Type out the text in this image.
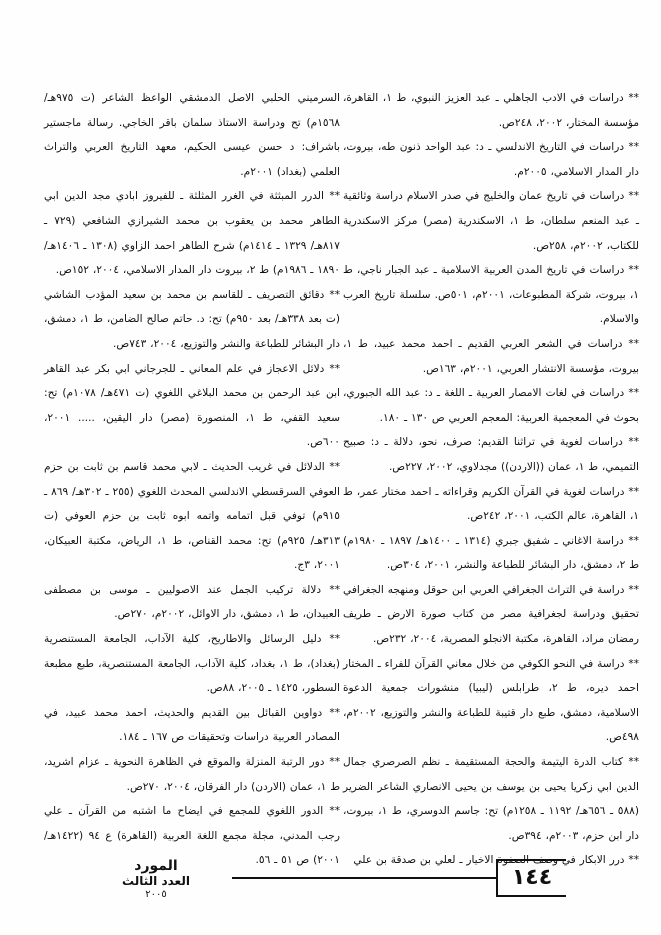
** دراسات في الادب الجاهلي ـ عبد العزيز النبوي، ط ١، القاهرة، مؤسسة المختار، ٢٠٠٢، ٢٤٨ص.

** دراسات في التاريخ الاندلسي ـ د: عبد الواحد ذنون طه، بيروت، دار المدار الاسلامي، ٢٠٠٥م.

** دراسات في تاريخ عمان والخليج في صدر الاسلام دراسة وثائقية ـ عبد المنعم سلطان، ط ١، الاسكندرية (مصر) مركز الاسكندرية للكتاب، ٢٠٠٢م، ٢٥٨ص.

** دراسات في تاريخ المدن العربية الاسلامية ـ عبد الجبار ناجي، ط ١، بيروت، شركة المطبوعات، ٢٠٠١م، ٥٠١ص. سلسلة تاريخ العرب والاسلام.

** دراسات في الشعر العربي القديم ـ احمد محمد عبيد، ط ١، بيروت، مؤسسة الانتشار العربي، ٢٠٠١م، ١٦٣ص.

** دراسات في لغات الامصار العربية ـ اللغة ـ د: عبد الله الجبوري، بحوث في المعجمية العربية: المعجم العربي ص ١٣٠ ـ ١٨٠.

** دراسات لغوية في تراثنا القديم: صرف، نحو، دلالة ـ د: صبيح التميمي، ط ١، عمان ((الاردن)) مجدلاوي، ٢٠٠٢، ٢٢٧ص.

** دراسات لغوية في القرآن الكريم وقراءاته ـ احمد مختار عمر، ط ١، القاهرة، عالم الكتب، ٢٠٠١، ٢٤٢ص.

** دراسة الاغاني ـ شفيق جبري (١٣١٤ ـ ١٤٠٠هـ/ ١٨٩٧ ـ ١٩٨٠م) ط ٢، دمشق، دار البشائر للطباعة والنشر، ٢٠٠١، ٣٠٤ص.

** دراسة في التراث الجغرافي العربي ابن حوقل ومنهجه الجغرافي تحقيق ودراسة لجغرافية مصر من كتاب صورة الارض ـ طريف رمضان مراد، القاهرة، مكتبة الانجلو المصرية، ٢٠٠٤، ٢٣٢ص.

** دراسة في النحو الكوفي من خلال معاني القرآن للفراء ـ المختار احمد ديره، ط ٢، طرابلس (ليبيا) منشورات جمعية الدعوة الاسلامية، دمشق، طبع دار قتيبة للطباعة والنشر والتوزيع، ٢٠٠٢م، ٤٩٨ص.

** كتاب الدرة اليتيمة والحجة المستقيمة ـ نظم الصرصري جمال الدين ابي زكريا يحيى بن يوسف بن يحيى الانصاري الشاعر الضرير (٥٨٨ ـ ٦٥٦هـ/ ١١٩٢ ـ ١٢٥٨م) تح: جاسم الدوسري، ط ١، بيروت، دار ابن حزم، ٢٠٠٣م، ٣٩٤ص.

** درر الابكار في وصف الصفوة الاخيار ـ لعلي بن صدقة بن علي

السرميني الحلبي الاصل الدمشقي الواعظ الشاعر (ت ٩٧٥هـ/ ١٥٦٨م) تح ودراسة الاستاذ سلمان باقر الخاجي. رسالة ماجستير باشراف: د حسن عيسى الحكيم، معهد التاريخ العربي والتراث العلمي (بغداد) ٢٠٠١م.

** الدرر المبثثة في الغرر المثلثة ـ للفيروز ابادي مجد الدين ابي الطاهر محمد بن يعقوب بن محمد الشيرازي الشافعي (٧٢٩ ـ ٨١٧هـ/ ١٣٢٩ ـ ١٤١٤م) شرح الطاهر احمد الزاوي (١٣٠٨ ـ ١٤٠٦هـ/ ١٨٩٠ ـ ١٩٨٦م) ط ٢، بيروت دار المدار الاسلامي، ٢٠٠٤، ١٥٢ص.

** دقائق التصريف ـ للقاسم بن محمد بن سعيد المؤدب الشاشي (ت بعد ٣٣٨هـ/ بعد ٩٥٠م) تح: د. حاتم صالح الضامن، ط ١، دمشق، دار البشائر للطباعة والنشر والتوزيع، ٢٠٠٤، ٧٤٣ص.

** دلائل الاعجاز في علم المعاني ـ للجرجاني ابي بكر عبد القاهر ابن عبد الرحمن بن محمد البلاغي اللغوي (ت ٤٧١هـ/ ١٠٧٨م) تح: سعيد القفي، ط ١، المنصورة (مصر) دار اليقين، ..... ٢٠٠١، ٦٠٠ص.

** الدلائل في غريب الحديث ـ لابي محمد قاسم بن ثابت بن حزم العوفي السرقسطي الاندلسي المحدث اللغوي (٢٥٥ ـ ٣٠٢هـ/ ٨٦٩ ـ ٩١٥م) توفي قبل اتمامه واتمه ابوه ثابت بن حزم العوفي (ت ٣١٣هـ/ ٩٢٥م) تح: محمد القناص، ط ١، الرياض، مكتبة العبيكان، ٢٠٠١، ٣ج.

** دلالة تركيب الجمل عند الاصوليين ـ موسى بن مصطفى العبيدان، ط ١، دمشق، دار الاوائل، ٢٠٠٢م، ٢٧٠ص.

** دليل الرسائل والاطاريح، كلية الآداب، الجامعة المستنصرية (بغداد)، ط ١، بغداد، كلية الآداب، الجامعة المستنصرية، طبع مطبعة السطور، ١٤٢٥ ـ ٢٠٠٥، ٨٨ص.

** دواوين القبائل بين القديم والحديث، احمد محمد عبيد، في المصادر العربية دراسات وتحقيقات ص ١٦٧ ـ ١٨٤.

** دور الرتبة المنزلة والموقع في الظاهرة النحوية ـ عزام اشريد، ط ١، عمان (الاردن) دار الفرقان، ٢٠٠٤، ٢٧٠ص.

** الدور اللغوي للمجمع في ايضاح ما اشتبه من القرآن ـ علي رجب المدني، مجلة مجمع اللغة العربية (القاهرة) ع ٩٤ (١٤٢٢هـ/ ٢٠٠١) ص ٥١ ـ ٥٦.

١٤٤
المورد
العدد الثالث
٢٠٠٥
